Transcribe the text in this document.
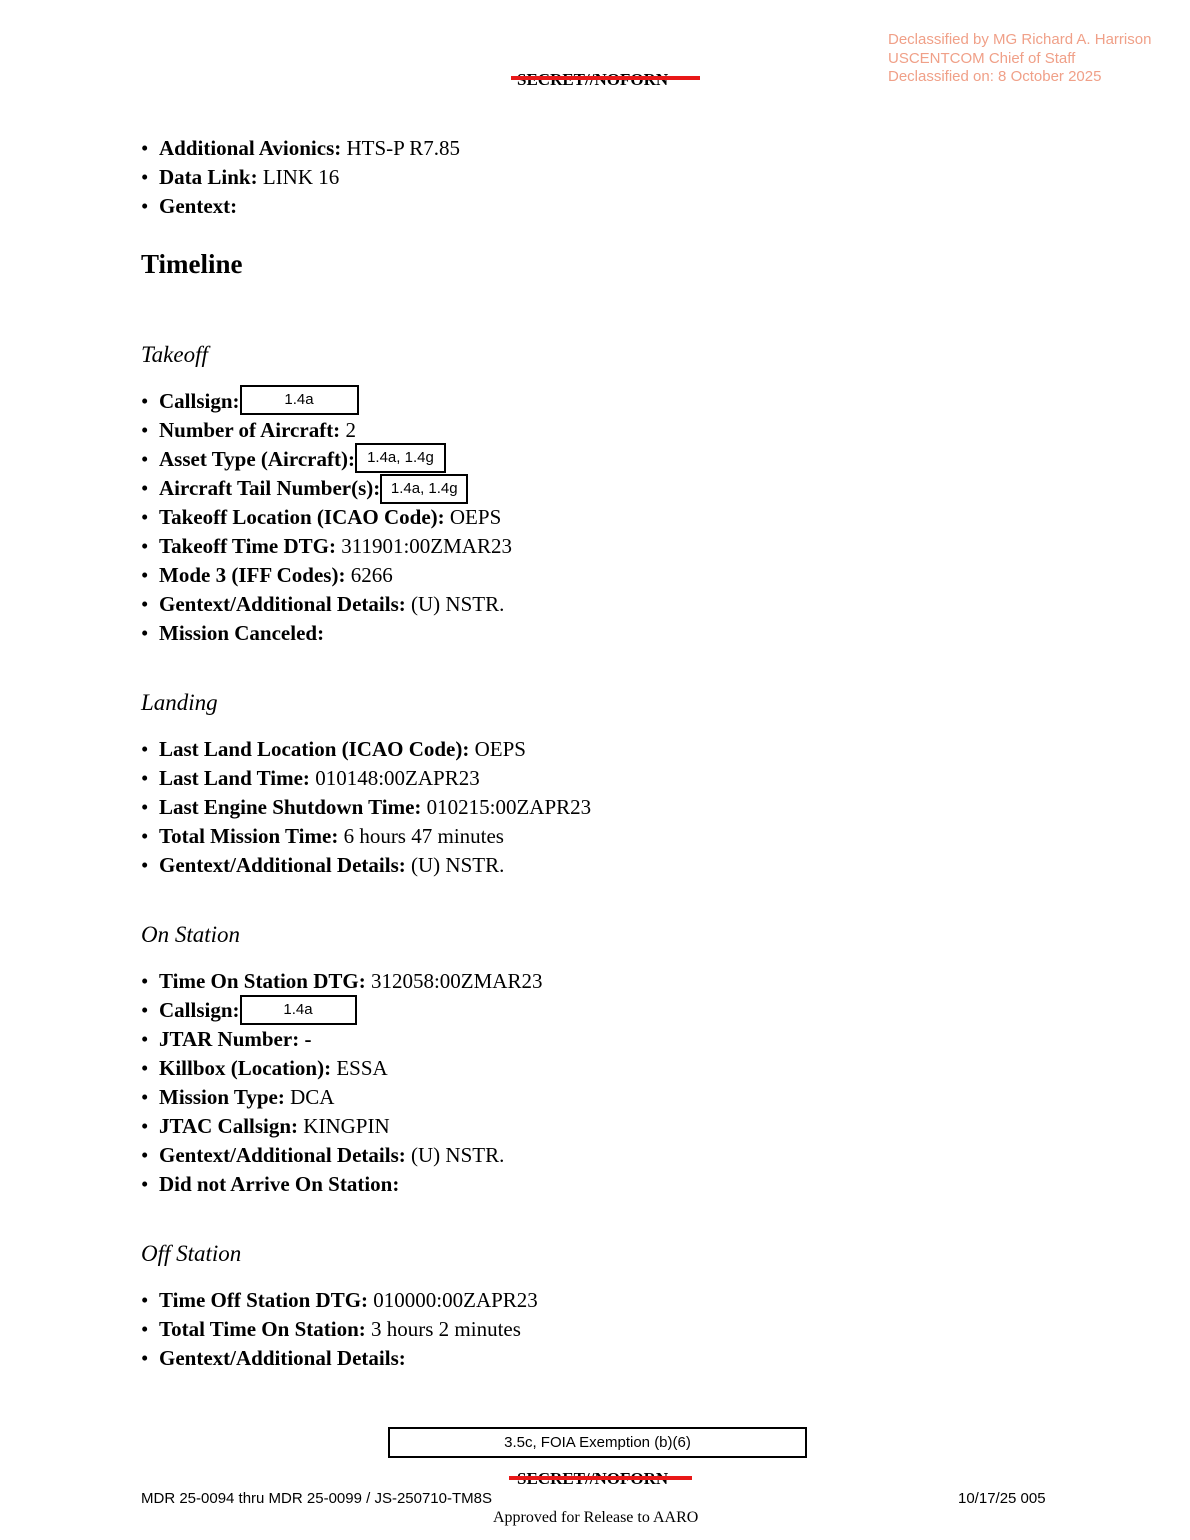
Declassified by MG Richard A. Harrison
USCENTCOM Chief of Staff
Declassified on: 8 October 2025
• Additional Avionics: HTS-P R7.85
• Data Link: LINK 16
• Gentext:
Timeline
Takeoff
• Callsign:	1.4a
• Number of Aircraft: 2
• Asset Type (Aircraft): 1.4a, 1.4g
• Aircraft Tail Number(s): 1.4a, 1.4g
• Takeoff Location (ICAO Code): OEPS
• Takeoff Time DTG: 311901:00ZMAR23
• Mode 3 (IFF Codes): 6266
• Gentext/Additional Details: (U) NSTR.
• Mission Canceled:
Landing
• Last Land Location (ICAO Code): OEPS
• Last Land Time: 010148:00ZAPR23
• Last Engine Shutdown Time: 010215:00ZAPR23
• Total Mission Time: 6 hours 47 minutes
• Gentext/Additional Details: (U) NSTR.
On Station
• Time On Station DTG: 312058:00ZMAR23
• Callsign:	1.4a
• JTAR Number: -
• Killbox (Location): ESSA
• Mission Type: DCA
• JTAC Callsign: KINGPIN
• Gentext/Additional Details: (U) NSTR.
• Did not Arrive On Station:
Off Station
• Time Off Station DTG: 010000:00ZAPR23
• Total Time On Station: 3 hours 2 minutes
• Gentext/Additional Details:
3.5c, FOIA Exemption (b)(6)
MDR 25-0094 thru MDR 25-0099 / JS-250710-TM8S	10/17/25 005
Approved for Release to AARO
